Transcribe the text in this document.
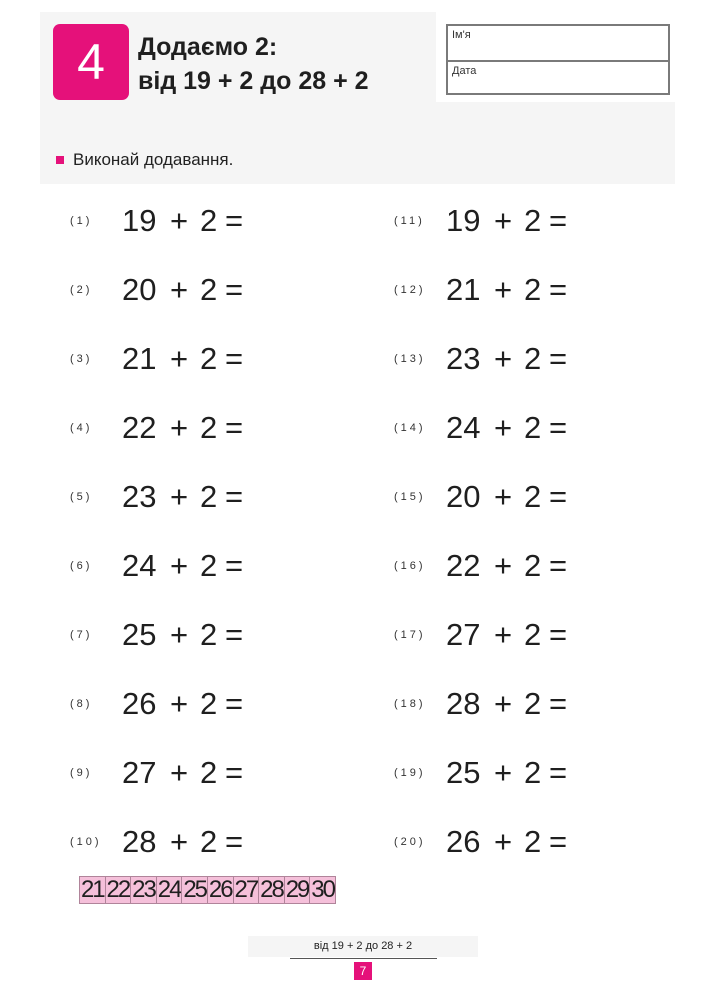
4	Додаємо 2:
від 19 + 2 до 28 + 2
Ім'я
Дата
Виконай додавання.
(1) 19 + 2 =
(2) 20 + 2 =
(3) 21 + 2 =
(4) 22 + 2 =
(5) 23 + 2 =
(6) 24 + 2 =
(7) 25 + 2 =
(8) 26 + 2 =
(9) 27 + 2 =
(10) 28 + 2 =
(11) 19 + 2 =
(12) 21 + 2 =
(13) 23 + 2 =
(14) 24 + 2 =
(15) 20 + 2 =
(16) 22 + 2 =
(17) 27 + 2 =
(18) 28 + 2 =
(19) 25 + 2 =
(20) 26 + 2 =
21 22 23 24 25 26 27 28 29 30
від 19 + 2 до 28 + 2
7
